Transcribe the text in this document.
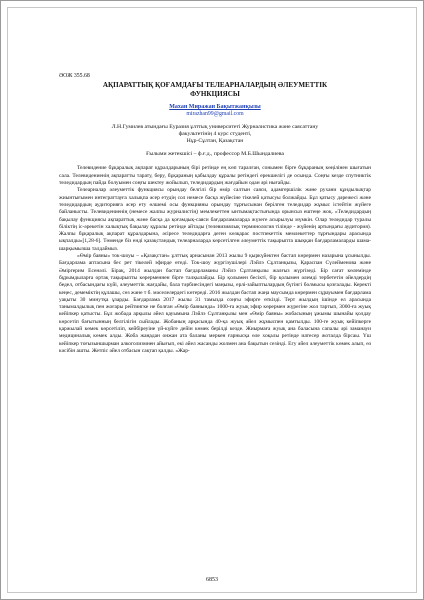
ӘОЖ 355.68
АҚПАРАТТЫҚ ҚОҒАМДАҒЫ ТЕЛЕАРНАЛАРДЫҢ ӘЛЕУМЕТТІК
ФУНКЦИЯСЫ
Махан Миражан Бақытжанқызы
mirazhan99@gmail.com
Л.Н.Гумилев атындағы Еуразия ұлттық университеті Журналистика және саясаттану
факультетінің 4 курс студенті,
Нұр-Сұлтан, Қазақстан
Ғылыми жетекшісі – ф.ғ.д., профессор М.Б.Шындалиева

Телевидение бұқаралық ақпарат құралдарының бірі ретінде ең көп таралған, сонымен бірге бұқараның көңілінен шығатын сала. Телевидениенің ақпаратты тарату, беру, бұқараның қабылдау құралы ретіндегі ерекшелігі де осында. Соңғы кезде спутниктік теледидардың пайда болуымен соңғы шектеу жойылып, теледидардың жағдайын одан әрі нығайды.

Телеарналар әлеуметтік функциясы орындау белгілі бір өмір салтын саяси, адамгершілік және рухани құндылықтар жиынтығымен интеграттауға халықпа әсер етудің сол немесе басқа жүйесіне тікелей қатысуы болжайды. Бұл қатысу дәрежесі және теледидардың аудиторияға әсер ету өлшемі осы функцияны орындау тұрғысынан берілген теледидар жұмыс істейтін жүйеге байланысты. Телевидениенің (немесе жалпы журналистің) мемлекеттен ынтымақтастығында орынсыз ештеңе жоқ. «Теледидардың бақылау функциясы ақпараттық және басқа да қоғамдық-саяси бағдарламаларда жүзеге асырылуы мүмкін. Олар теледидар туралы біліктің іс-әрекетін халықтық бақылау құралы ретінде айтады (телевизиялық терминология тілінде - жүйенің артындағы аудитория). Жалпы бұқаралық ақпарат құралдарына, әсіресе теледидарға деген көзқарас постпекеттік мемлекеттер тұрғындары арасында ықпалды»[1,28-6]. Төменде біз енді қазақстандық телеарналарда көрсетілген әлеуметтік тақырыпта шыққан бағдарламаларды шама-шарқымызша талдаймыз.

«Өмір баяны» ток-шоуы – «Қазақстан» ұлттық арнасынан 2013 жылы 9 қыркүйектен бастап көрермен назарына ұсынылды. Бағдарлама аптасына бес рет тікелей эфирде өтеді. Ток-шоу жүргізушілері Лэйлэ Сұлтанқызы, Қараспан Сүлейменова және Әміргерим Есенәлі. Бірақ, 2014 жылдан бастап бағдарламаны Лэйлэ Сұлтанқызы жалғыз жүргізеді. Бір сағат көлемінде бұрымдыларға ортақ тақырыпты көрерменнен бірге талқылайды. Бір қолымен бесікті, бір қолымен әлемді тербететін әйелдердің бедел, отбасындағы күйі, әлеуметтік жағдайы, бала тәрбиесіндегі маңызы, ерлі-зайыптылардың бүгінгі болмысы қозғалады. Керекті кеңес, демеміктің құлашы, сөз және т б. мәселелердегі көтереді. 2016 жылдан бастап жаңа маусымда көрермен сұрауымен бағдарлама уақыты 30 минутқа ұзарды. Бағдарлама 2017 жылы 31 тамызда соңғы эфирге өткізді. Терт жылдың ішінде ел арасында танымалдылық пен жоғары рейтингке не болған «Өмір баянында» 1000-ға жуық эфир көрермен жүрегіне жол тартып, 3000-ға жуық кейіпкер қатысты. Бұл жобада арқылы әйел қауымына Лэйлэ Сұлтанқызы мен «Өмір баяны» жобасының ұжымы шынайы қолдау көрсетіп бағытынның белгілігін сыйлады. Жобаның арқасында 40-қа жуық әйел жұмыспен қамтылды. 100-ге жуық кейіпкерге қаржылай көмек көрсетіліп, кейбіреуіне үй-күйге дейін көмек берілді кезде. Жиырмаға жуық ана баласына сапалы әрі заманауи медициналық көмек алды. Жоба жаңадан онжан ата баланы меркен ғарнысқа өле хоқалы ретінде иатесер жоталда бірсаы. Үш кейіпкер тоғызыншырман алкоголизмнен айығып, екі әйел жасанды жолмен ана бақытын сезінді. Егу әйел әлеуметтік көмек алып, өз кәсібін ашты. Жетпіс әйел отбасын сақтап қалды. «Жар-

6853
